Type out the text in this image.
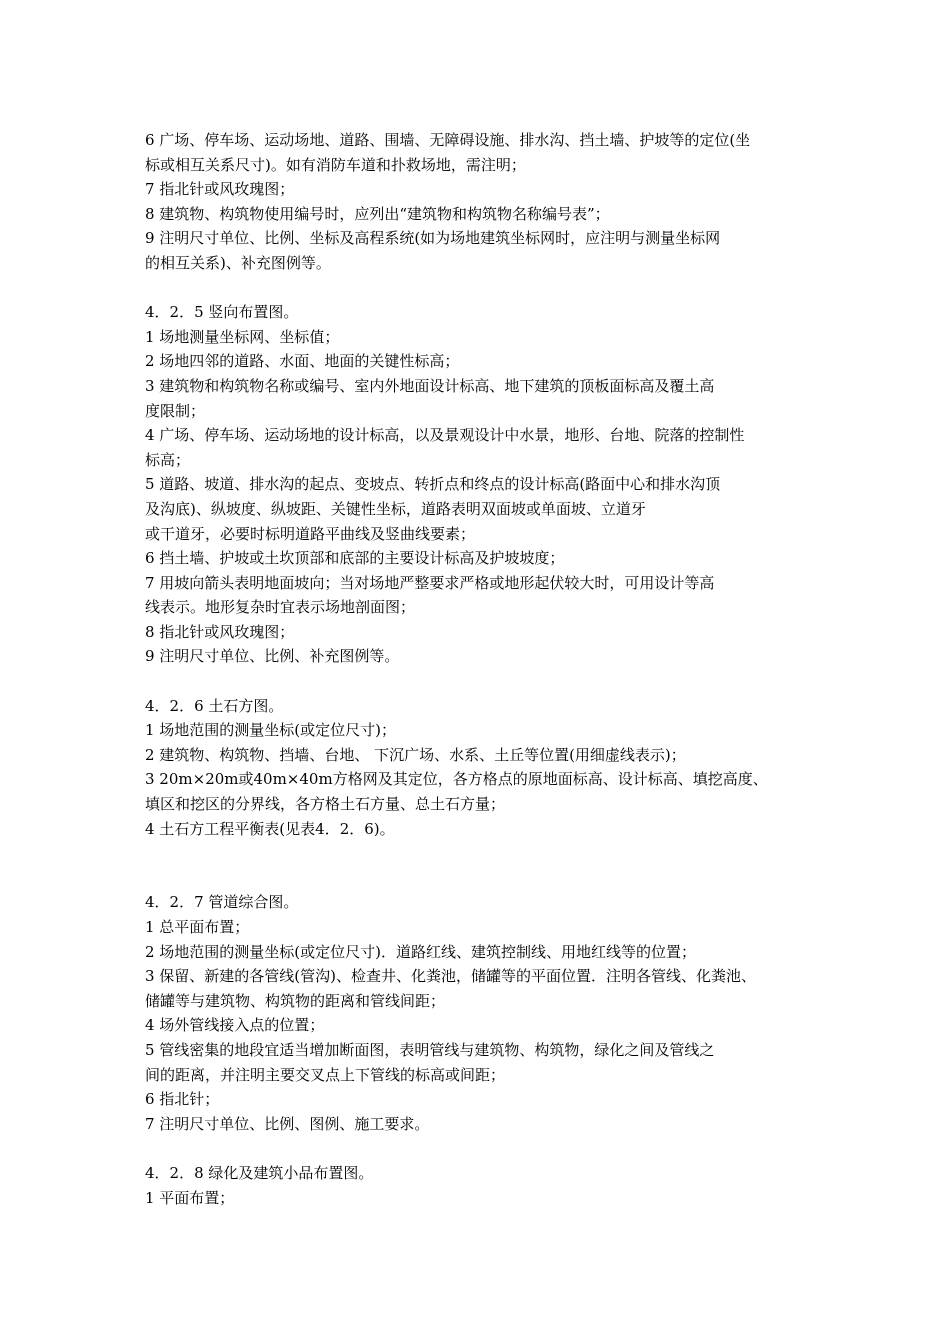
6 广场、停车场、运动场地、道路、围墙、无障碍设施、排水沟、挡土墙、护坡等的定位(坐
标或相互关系尺寸)。如有消防车道和扑救场地，需注明；
7 指北针或风玫瑰图；
8 建筑物、构筑物使用编号时，应列出“建筑物和构筑物名称编号表”；
9 注明尺寸单位、比例、坐标及高程系统(如为场地建筑坐标网时，应注明与测量坐标网
的相互关系)、补充图例等。
4．2．5 竖向布置图。
1 场地测量坐标网、坐标值；
2 场地四邻的道路、水面、地面的关键性标高；
3 建筑物和构筑物名称或编号、室内外地面设计标高、地下建筑的顶板面标高及覆土高
度限制；
4 广场、停车场、运动场地的设计标高，以及景观设计中水景，地形、台地、院落的控制性
标高；
5 道路、坡道、排水沟的起点、变坡点、转折点和终点的设计标高(路面中心和排水沟顶
及沟底)、纵坡度、纵坡距、关键性坐标，道路表明双面坡或单面坡、立道牙
或干道牙，必要时标明道路平曲线及竖曲线要素；
6 挡土墙、护坡或土坎顶部和底部的主要设计标高及护坡坡度；
7 用坡向箭头表明地面坡向；当对场地严整要求严格或地形起伏较大时，可用设计等高
线表示。地形复杂时宜表示场地剖面图；
8 指北针或风玫瑰图；
9 注明尺寸单位、比例、补充图例等。
4．2．6 土石方图。
1 场地范围的测量坐标(或定位尺寸)；
2 建筑物、构筑物、挡墙、台地、 下沉广场、水系、土丘等位置(用细虚线表示)；
3 20m×20m或40m×40m方格网及其定位，各方格点的原地面标高、设计标高、填挖高度、
填区和挖区的分界线，各方格土石方量、总土石方量；
4 土石方工程平衡表(见表4．2．6)。
4．2．7 管道综合图。
1 总平面布置；
2 场地范围的测量坐标(或定位尺寸)．道路红线、建筑控制线、用地红线等的位置；
3 保留、新建的各管线(管沟)、检查井、化粪池，储罐等的平面位置．注明各管线、化粪池、
储罐等与建筑物、构筑物的距离和管线间距；
4 场外管线接入点的位置；
5 管线密集的地段宜适当增加断面图，表明管线与建筑物、构筑物，绿化之间及管线之
间的距离，并注明主要交叉点上下管线的标高或间距；
6 指北针；
7 注明尺寸单位、比例、图例、施工要求。
4．2．8 绿化及建筑小品布置图。
1 平面布置；
